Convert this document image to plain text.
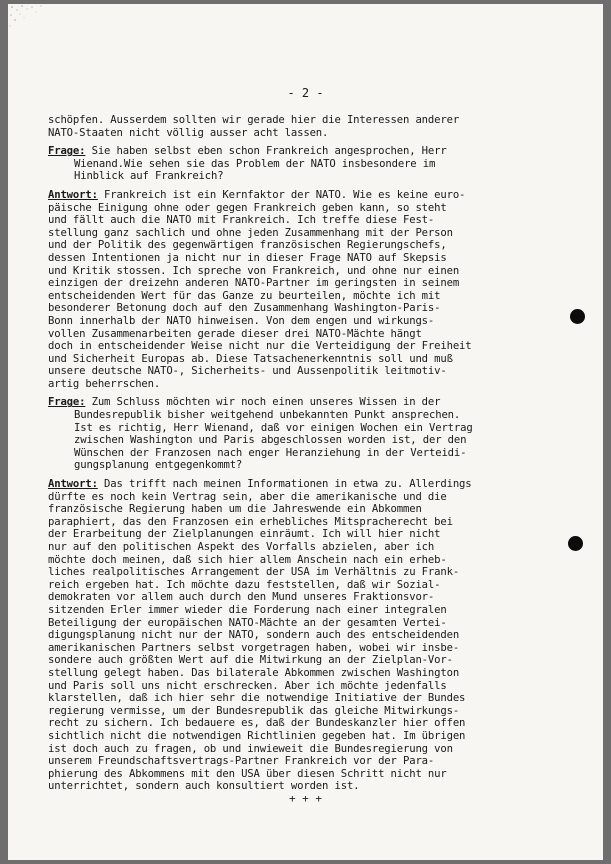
- 2 -
schöpfen. Ausserdem sollten wir gerade hier die Interessen anderer
NATO-Staaten nicht völlig ausser acht lassen.
Frage: Sie haben selbst eben schon Frankreich angesprochen, Herr
Wienand.Wie sehen sie das Problem der NATO insbesondere im
Hinblick auf Frankreich?
Antwort: Frankreich ist ein Kernfaktor der NATO. Wie es keine euro-
päische Einigung ohne oder gegen Frankreich geben kann, so steht
und fällt auch die NATO mit Frankreich. Ich treffe diese Fest-
stellung ganz sachlich und ohne jeden Zusammenhang mit der Person
und der Politik des gegenwärtigen französischen Regierungschefs,
dessen Intentionen ja nicht nur in dieser Frage NATO auf Skepsis
und Kritik stossen. Ich spreche von Frankreich, und ohne nur einen
einzigen der dreizehn anderen NATO-Partner im geringsten in seinem
entscheidenden Wert für das Ganze zu beurteilen, möchte ich mit
besonderer Betonung doch auf den Zusammenhang Washington-Paris-
Bonn innerhalb der NATO hinweisen. Von dem engen und wirkungs-
vollen Zusammenarbeiten gerade dieser drei NATO-Mächte hängt
doch in entscheidender Weise nicht nur die Verteidigung der Freiheit
und Sicherheit Europas ab. Diese Tatsachenerkenntnis soll und muß
unsere deutsche NATO-, Sicherheits- und Aussenpolitik leitmotiv-
artig beherrschen.
Frage: Zum Schluss möchten wir noch einen unseres Wissen in der
Bundesrepublik bisher weitgehend unbekannten Punkt ansprechen.
Ist es richtig, Herr Wienand, daß vor einigen Wochen ein Vertrag
zwischen Washington und Paris abgeschlossen worden ist, der den
Wünschen der Franzosen nach enger Heranziehung in der Verteidi-
gungsplanung entgegenkommt?
Antwort: Das trifft nach meinen Informationen in etwa zu. Allerdings
dürfte es noch kein Vertrag sein, aber die amerikanische und die
französische Regierung haben um die Jahreswende ein Abkommen
paraphiert, das den Franzosen ein erhebliches Mitspracherecht bei
der Erarbeitung der Zielplanungen einräumt. Ich will hier nicht
nur auf den politischen Aspekt des Vorfalls abzielen, aber ich
möchte doch meinen, daß sich hier allem Anschein nach ein erheb-
liches realpolitisches Arrangement der USA im Verhältnis zu Frank-
reich ergeben hat. Ich möchte dazu feststellen, daß wir Sozial-
demokraten vor allem auch durch den Mund unseres Fraktionsvor-
sitzenden Erler immer wieder die Forderung nach einer integralen
Beteiligung der europäischen NATO-Mächte an der gesamten Vertei-
digungsplanung nicht nur der NATO, sondern auch des entscheidenden
amerikanischen Partners selbst vorgetragen haben, wobei wir insbe-
sondere auch größten Wert auf die Mitwirkung an der Zielplan-Vor-
stellung gelegt haben. Das bilaterale Abkommen zwischen Washington
und Paris soll uns nicht erschrecken. Aber ich möchte jedenfalls
klarstellen, daß ich hier sehr die notwendige Initiative der Bundes
regierung vermisse, um der Bundesrepublik das gleiche Mitwirkungs-
recht zu sichern. Ich bedauere es, daß der Bundeskanzler hier offen
sichtlich nicht die notwendigen Richtlinien gegeben hat. Im übrigen
ist doch auch zu fragen, ob und inwieweit die Bundesregierung von
unserem Freundschaftsvertrags-Partner Frankreich vor der Para-
phierung des Abkommens mit den USA über diesen Schritt nicht nur
unterrichtet, sondern auch konsultiert worden ist.
+ + +
